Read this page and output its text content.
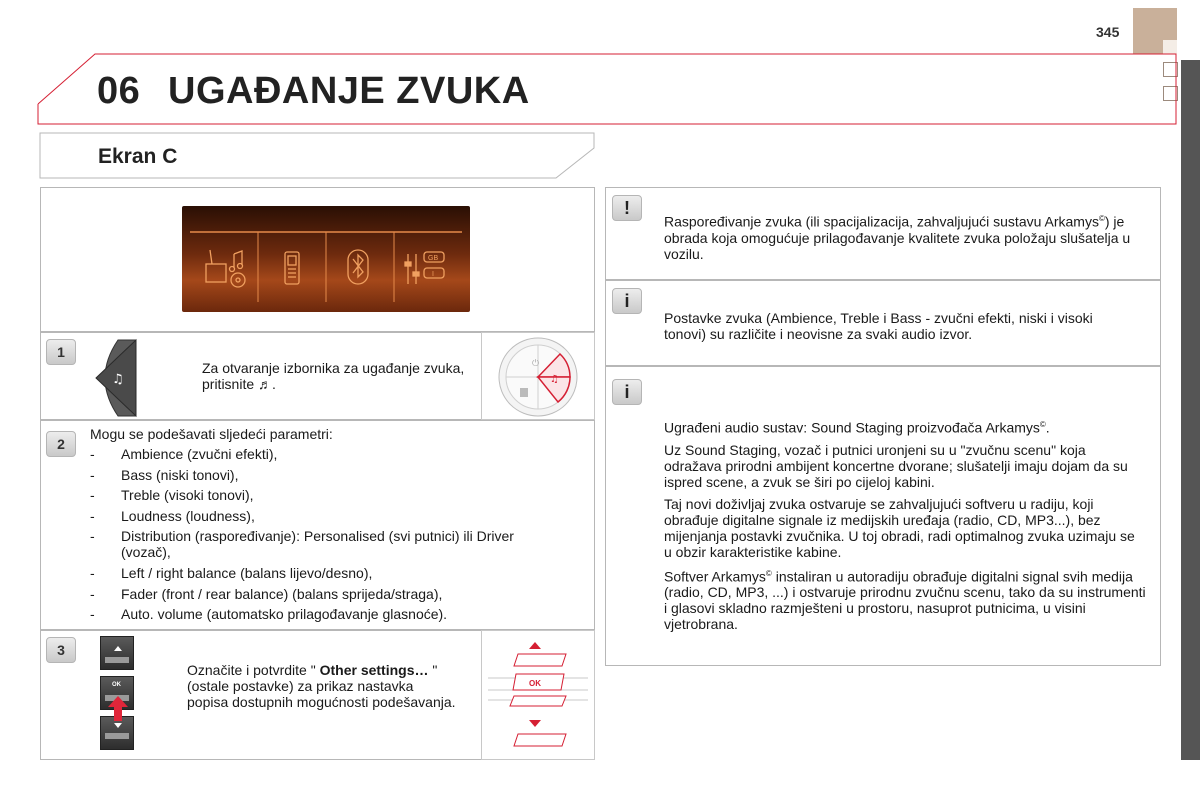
345
06 UGAĐANJE ZVUKA
Ekran C
GB
I
1
♫
Za otvaranje izbornika za ugađanje zvuka, pritisnite ♬.	♫
⏻
2
Mogu se podešavati sljedeći parametri:
- Ambience (zvučni efekti),
- Bass (niski tonovi),
- Treble (visoki tonovi),
- Loudness (loudness),
- Distribution (raspoređivanje): Personalised (svi putnici) ili Driver (vozač),
- Left / right balance (balans lijevo/desno),
- Fader (front / rear balance) (balans sprijeda/straga),
- Auto. volume (automatsko prilagođavanje glasnoće).
3
OK
Označite i potvrdite " Other settings… " (ostale postavke) za prikaz nastavka popisa dostupnih mogućnosti podešavanja.
OK
!
Raspoređivanje zvuka (ili spacijalizacija, zahvaljujući sustavu Arkamys©) je obrada koja omogućuje prilagođavanje kvalitete zvuka položaju slušatelja u vozilu.
i
Postavke zvuka (Ambience, Treble i Bass - zvučni efekti, niski i visoki tonovi) su različite i neovisne za svaki audio izvor.
i

Ugrađeni audio sustav: Sound Staging proizvođača Arkamys©.

Uz Sound Staging, vozač i putnici uronjeni su u "zvučnu scenu" koja odražava prirodni ambijent koncertne dvorane; slušatelji imaju dojam da su ispred scene, a zvuk se širi po cijeloj kabini.

Taj novi doživljaj zvuka ostvaruje se zahvaljujući softveru u radiju, koji obrađuje digitalne signale iz medijskih uređaja (radio, CD, MP3...), bez mijenjanja postavki zvučnika. U toj obradi, radi optimalnog zvuka uzimaju se u obzir karakteristike kabine.

Softver Arkamys© instaliran u autoradiju obrađuje digitalni signal svih medija (radio, CD, MP3, ...) i ostvaruje prirodnu zvučnu scenu, tako da su instrumenti i glasovi skladno razmješteni u prostoru, nasuprot putnicima, u visini vjetrobrana.
